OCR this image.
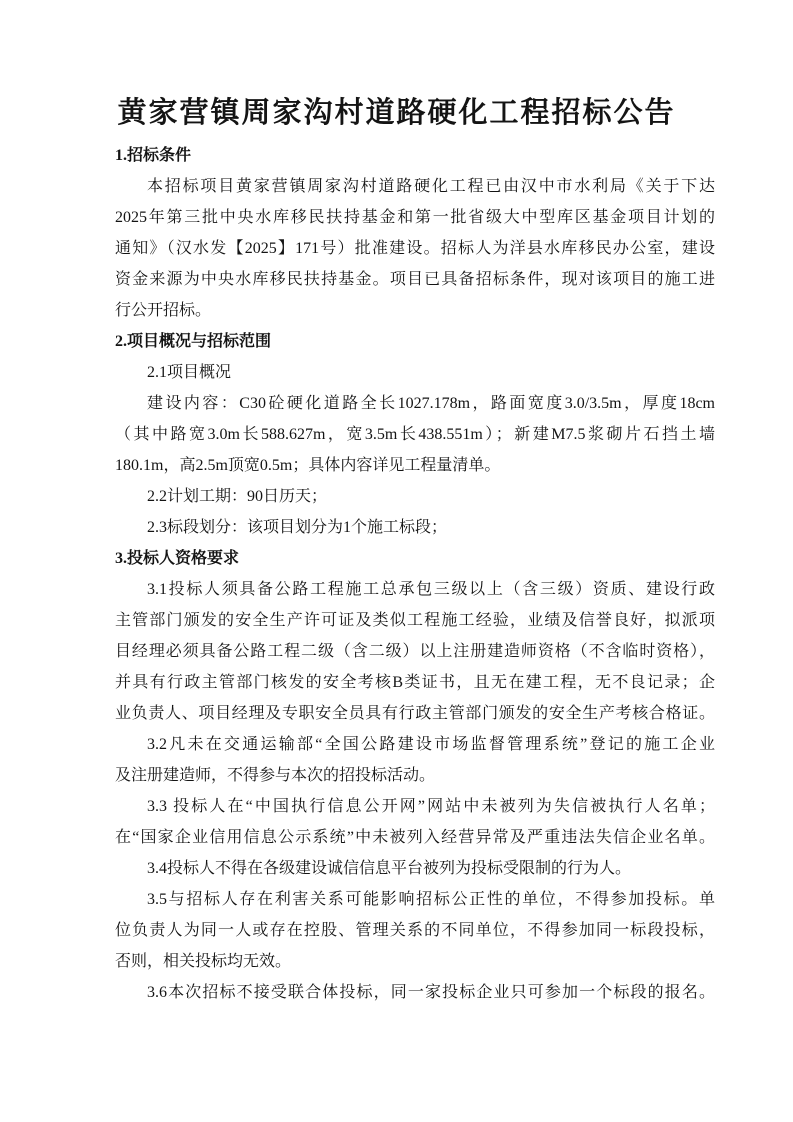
黄家营镇周家沟村道路硬化工程招标公告
1.招标条件
本招标项目黄家营镇周家沟村道路硬化工程已由汉中市水利局《关于下达
2025年第三批中央水库移民扶持基金和第一批省级大中型库区基金项目计划的
通知》（汉水发【2025】171号）批准建设。招标人为洋县水库移民办公室，建设
资金来源为中央水库移民扶持基金。项目已具备招标条件，现对该项目的施工进
行公开招标。
2.项目概况与招标范围
2.1项目概况
建设内容：C30砼硬化道路全长1027.178m，路面宽度3.0/3.5m，厚度18cm
（其中路宽3.0m长588.627m，宽3.5m长438.551m）；新建M7.5浆砌片石挡土墙
180.1m，高2.5m顶宽0.5m；具体内容详见工程量清单。
2.2计划工期：90日历天；
2.3标段划分：该项目划分为1个施工标段；
3.投标人资格要求
3.1投标人须具备公路工程施工总承包三级以上（含三级）资质、建设行政
主管部门颁发的安全生产许可证及类似工程施工经验，业绩及信誉良好，拟派项
目经理必须具备公路工程二级（含二级）以上注册建造师资格（不含临时资格），
并具有行政主管部门核发的安全考核B类证书，且无在建工程，无不良记录；企
业负责人、项目经理及专职安全员具有行政主管部门颁发的安全生产考核合格证。
3.2凡未在交通运输部“全国公路建设市场监督管理系统”登记的施工企业
及注册建造师，不得参与本次的招投标活动。
3.3 投标人在“中国执行信息公开网”网站中未被列为失信被执行人名单；
在“国家企业信用信息公示系统”中未被列入经营异常及严重违法失信企业名单。
3.4投标人不得在各级建设诚信信息平台被列为投标受限制的行为人。
3.5与招标人存在利害关系可能影响招标公正性的单位，不得参加投标。单
位负责人为同一人或存在控股、管理关系的不同单位，不得参加同一标段投标，
否则，相关投标均无效。
3.6本次招标不接受联合体投标，同一家投标企业只可参加一个标段的报名。
